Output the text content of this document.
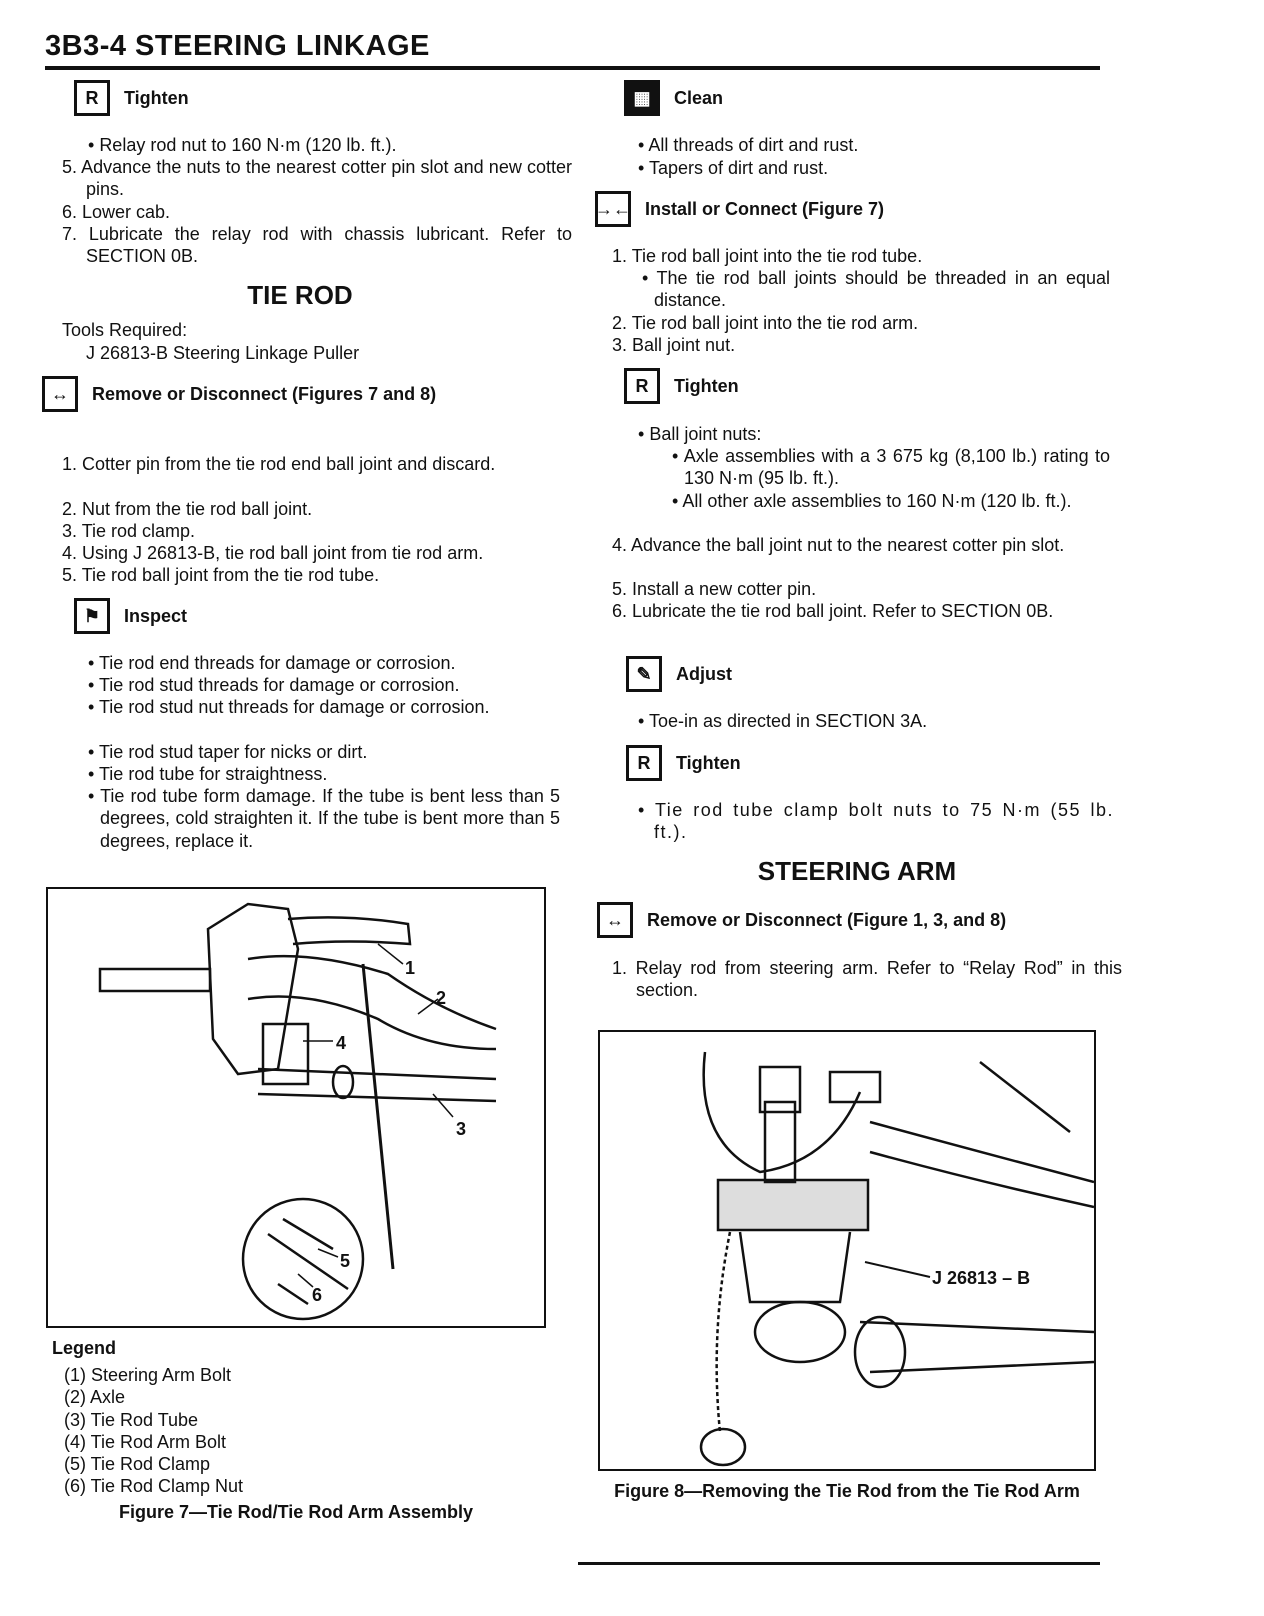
3B3-4 STEERING LINKAGE
R	Tighten
• Relay rod nut to 160 N·m (120 lb. ft.).
5. Advance the nuts to the nearest cotter pin slot and new cotter pins.
6. Lower cab.
7. Lubricate the relay rod with chassis lubricant. Refer to SECTION 0B.
TIE ROD
Tools Required:
J 26813-B Steering Linkage Puller
↔	Remove or Disconnect (Figures 7 and 8)
1. Cotter pin from the tie rod end ball joint and discard.
2. Nut from the tie rod ball joint.
3. Tie rod clamp.
4. Using J 26813-B, tie rod ball joint from tie rod arm.
5. Tie rod ball joint from the tie rod tube.
⚑	Inspect
• Tie rod end threads for damage or corrosion.
• Tie rod stud threads for damage or corrosion.
• Tie rod stud nut threads for damage or corrosion.
• Tie rod stud taper for nicks or dirt.
• Tie rod tube for straightness.
• Tie rod tube form damage. If the tube is bent less than 5 degrees, cold straighten it. If the tube is bent more than 5 degrees, replace it.
1
2
3
4
5
6
Legend
(1) Steering Arm Bolt
(2) Axle
(3) Tie Rod Tube
(4) Tie Rod Arm Bolt
(5) Tie Rod Clamp
(6) Tie Rod Clamp Nut
Figure 7—Tie Rod/Tie Rod Arm Assembly
▦	Clean
• All threads of dirt and rust.
• Tapers of dirt and rust.
→← Install or Connect (Figure 7)
1. Tie rod ball joint into the tie rod tube.
• The tie rod ball joints should be threaded in an equal distance.
2. Tie rod ball joint into the tie rod arm.
3. Ball joint nut.
R	Tighten
• Ball joint nuts:
• Axle assemblies with a 3 675 kg (8,100 lb.) rating to 130 N·m (95 lb. ft.).
• All other axle assemblies to 160 N·m (120 lb. ft.).
4. Advance the ball joint nut to the nearest cotter pin slot.
5. Install a new cotter pin.
6. Lubricate the tie rod ball joint. Refer to SECTION 0B.
✎	Adjust
• Toe-in as directed in SECTION 3A.
R	Tighten
• Tie rod tube clamp bolt nuts to 75 N·m (55 lb. ft.).
STEERING ARM
↔	Remove or Disconnect (Figure 1, 3, and 8)
1. Relay rod from steering arm. Refer to “Relay Rod” in this section.
J 26813 – B
Figure 8—Removing the Tie Rod from the Tie Rod Arm
